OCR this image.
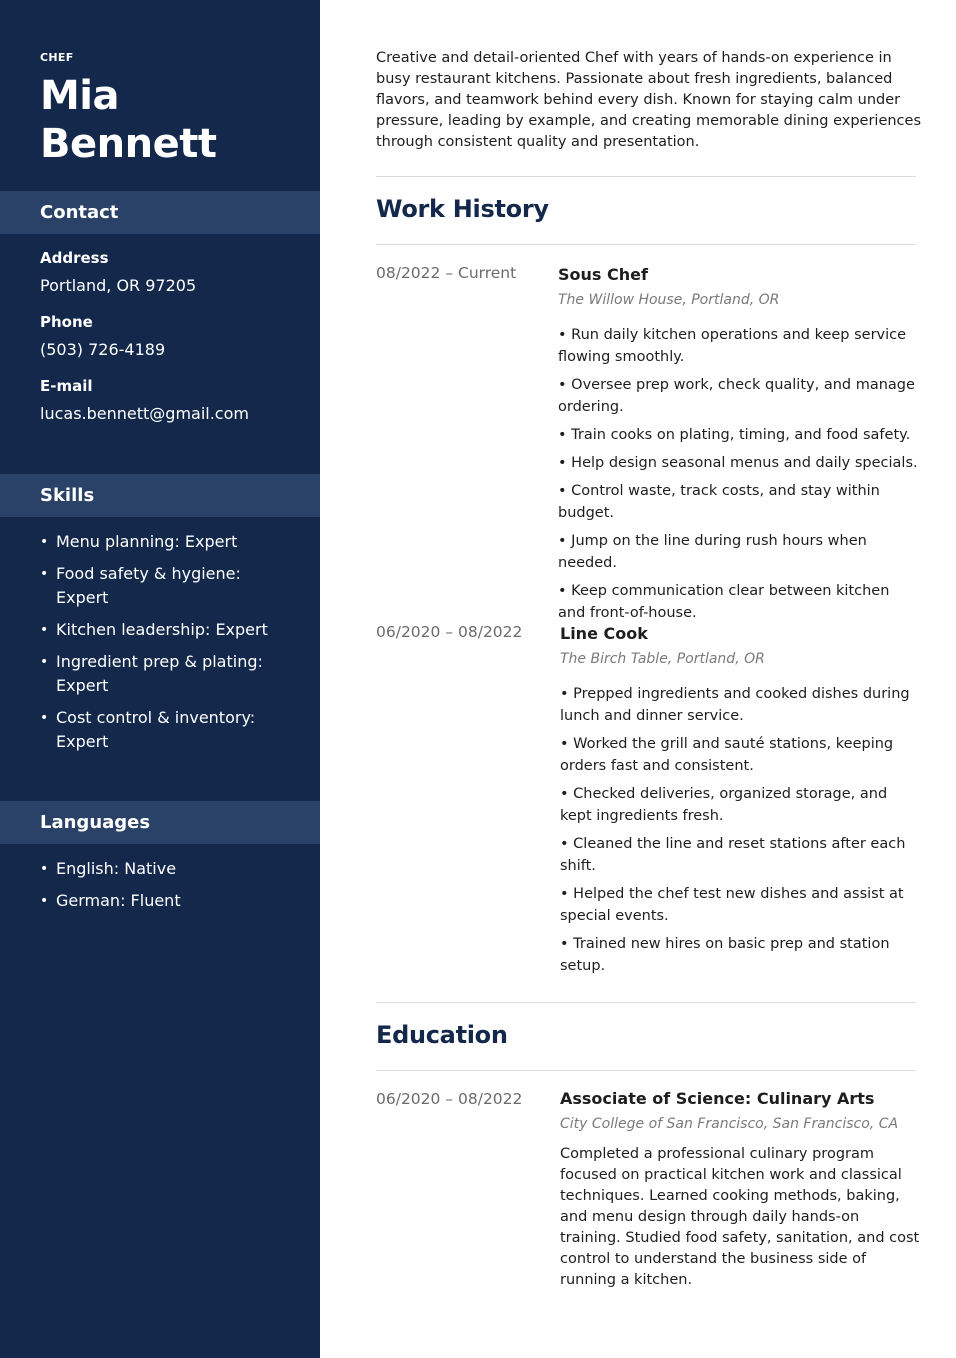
CHEF
Mia
Bennett
Contact
Address
Portland, OR 97205
Phone
(503) 726-4189
E-mail
lucas.bennett@gmail.com
Skills
• Menu planning: Expert
• Food safety & hygiene: Expert
• Kitchen leadership: Expert
• Ingredient prep & plating: Expert
• Cost control & inventory: Expert
Languages
• English: Native
• German: Fluent

Creative and detail-oriented Chef with years of hands-on experience in busy restaurant kitchens. Passionate about fresh ingredients, balanced flavors, and teamwork behind every dish. Known for staying calm under pressure, leading by example, and creating memorable dining experiences through consistent quality and presentation.

Work History
08/2022 – Current	Sous Chef
The Willow House, Portland, OR

• Run daily kitchen operations and keep service flowing smoothly.

• Oversee prep work, check quality, and manage ordering.

• Train cooks on plating, timing, and food safety.

• Help design seasonal menus and daily specials.

• Control waste, track costs, and stay within budget.

• Jump on the line during rush hours when needed.

• Keep communication clear between kitchen and front-of-house.

06/2020 – 08/2022 Line Cook
The Birch Table, Portland, OR

• Prepped ingredients and cooked dishes during lunch and dinner service.

• Worked the grill and sauté stations, keeping orders fast and consistent.

• Checked deliveries, organized storage, and kept ingredients fresh.

• Cleaned the line and reset stations after each shift.

• Helped the chef test new dishes and assist at special events.

• Trained new hires on basic prep and station setup.

Education
06/2020 – 08/2022 Associate of Science: Culinary Arts
City College of San Francisco, San Francisco, CA

Completed a professional culinary program focused on practical kitchen work and classical techniques. Learned cooking methods, baking, and menu design through daily hands-on training. Studied food safety, sanitation, and cost control to understand the business side of running a kitchen.
